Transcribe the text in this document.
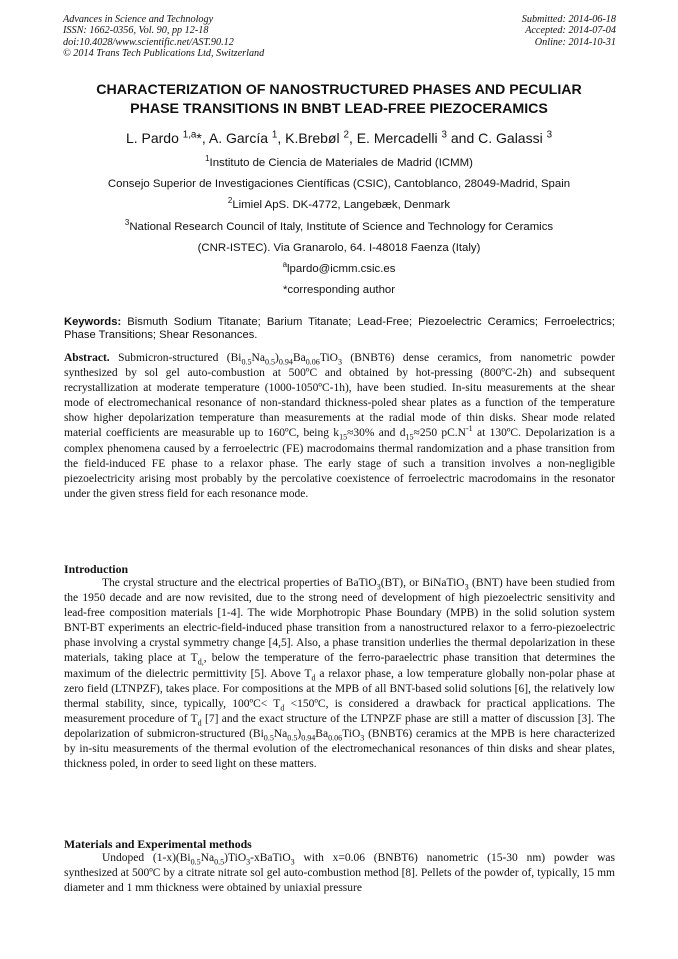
Advances in Science and Technology
ISSN: 1662-0356, Vol. 90, pp 12-18
doi:10.4028/www.scientific.net/AST.90.12
© 2014 Trans Tech Publications Ltd, Switzerland
Submitted: 2014-06-18
Accepted: 2014-07-04
Online: 2014-10-31
CHARACTERIZATION OF NANOSTRUCTURED PHASES AND PECULIAR
PHASE TRANSITIONS IN BNBT LEAD-FREE PIEZOCERAMICS
L. Pardo $^{1,a}$*, A. García $^1$, K.Brebøl $^2$, E. Mercadelli $^3$ and C. Galassi $^3$
$^1$Instituto de Ciencia de Materiales de Madrid (ICMM)
Consejo Superior de Investigaciones Científicas (CSIC), Cantoblanco, 28049-Madrid, Spain
$^2$Limiel ApS. DK-4772, Langebæk, Denmark
$^3$National Research Council of Italy, Institute of Science and Technology for Ceramics
(CNR-ISTEC). Via Granarolo, 64. I-48018 Faenza (Italy)
$^a$lpardo@icmm.csic.es
*corresponding author
Keywords: Bismuth Sodium Titanate; Barium Titanate; Lead-Free; Piezoelectric Ceramics; Ferroelectrics; Phase Transitions; Shear Resonances.

Abstract. Submicron-structured $(Bi_{0.5}Na_{0.5})_{0.94}Ba_{0.06}TiO_3$ (BNBT6) dense ceramics, from nanometric powder synthesized by sol gel auto-combustion at 500ºC and obtained by hot-pressing (800ºC-2h) and subsequent recrystallization at moderate temperature (1000-1050ºC-1h), have been studied. In-situ measurements at the shear mode of electromechanical resonance of non-standard thickness-poled shear plates as a function of the temperature show higher depolarization temperature than measurements at the radial mode of thin disks. Shear mode related material coefficients are measurable up to 160ºC, being $k_{15}\approx 30\%$ and $d_{15}\approx 250$ $pC.N^{-1}$ at 130ºC. Depolarization is a complex phenomena caused by a ferroelectric (FE) macrodomains thermal randomization and a phase transition from the field-induced FE phase to a relaxor phase. The early stage of such a transition involves a non-negligible piezoelectricity arising most probably by the percolative coexistence of ferroelectric macrodomains in the resonator under the given stress field for each resonance mode.

Introduction

The crystal structure and the electrical properties of BaTiO$_3$(BT), or BiNaTiO$_3$ (BNT) have been studied from the 1950 decade and are now revisited, due to the strong need of development of high piezoelectric sensitivity and lead-free composition materials [1-4]. The wide Morphotropic Phase Boundary (MPB) in the solid solution system BNT-BT experiments an electric-field-induced phase transition from a nanostructured relaxor to a ferro-piezoelectric phase involving a crystal symmetry change [4,5]. Also, a phase transition underlies the thermal depolarization in these materials, taking place at $T_{d,}$, below the temperature of the ferro-paraelectric phase transition that determines the maximum of the dielectric permittivity [5]. Above $T_d$ a relaxor phase, a low temperature globally non-polar phase at zero field (LTNPZF), takes place. For compositions at the MPB of all BNT-based solid solutions [6], the relatively low thermal stability, since, typically, 100ºC< $T_d$ <150ºC, is considered a drawback for practical applications. The measurement procedure of $T_d$ [7] and the exact structure of the LTNPZF phase are still a matter of discussion [3]. The depolarization of submicron-structured $(Bi_{0.5}Na_{0.5})_{0.94}Ba_{0.06}TiO_3$ (BNBT6) ceramics at the MPB is here characterized by in-situ measurements of the thermal evolution of the electromechanical resonances of thin disks and shear plates, thickness poled, in order to seed light on these matters.

Materials and Experimental methods

Undoped $(1-x)(Bi_{0.5}Na_{0.5})TiO_3-xBaTiO_3$ with x=0.06 (BNBT6) nanometric (15-30 nm) powder was synthesized at 500ºC by a citrate nitrate sol gel auto-combustion method [8]. Pellets of the powder of, typically, 15 mm diameter and 1 mm thickness were obtained by uniaxial pressure
